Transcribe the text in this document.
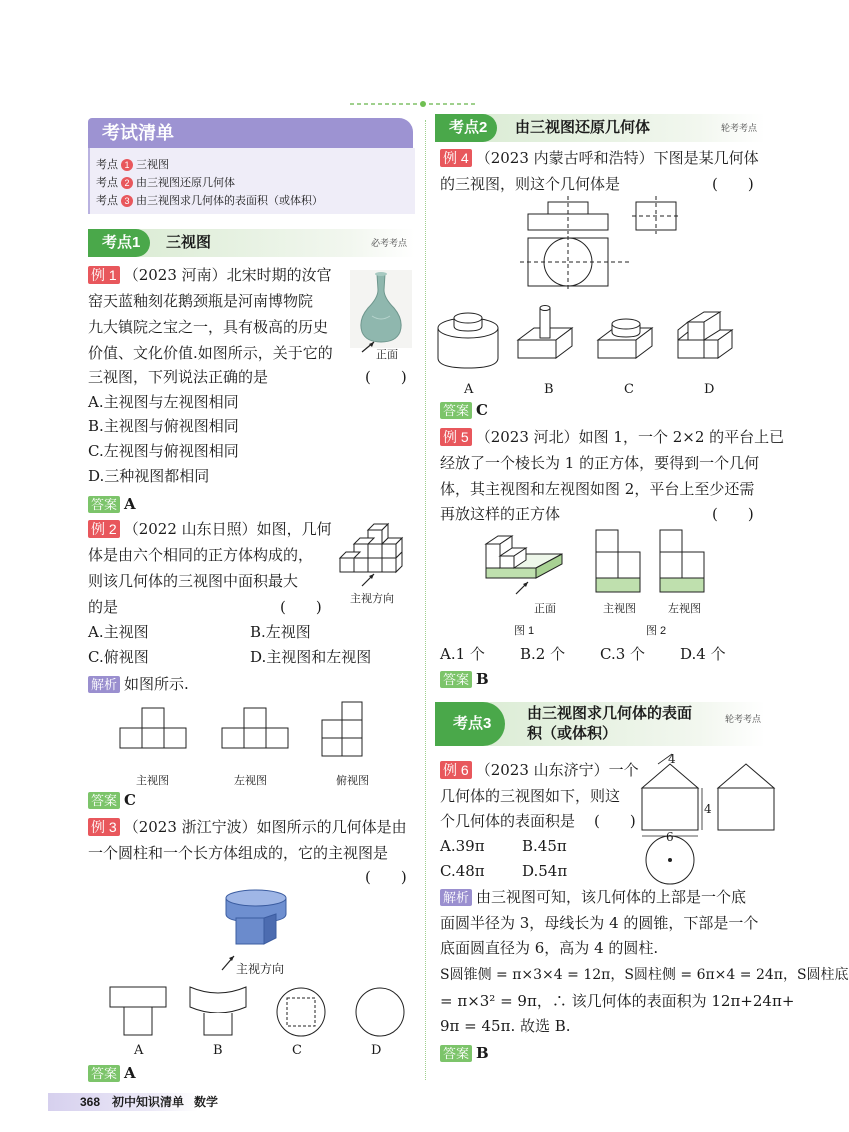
考试清单
考点 1 三视图
考点 2 由三视图还原几何体
考点 3 由三视图求几何体的表面积（或体积）
考点1	三视图	必考考点
例 1 （2023 河南）北宋时期的汝官
窑天蓝釉刻花鹅颈瓶是河南博物院
九大镇院之宝之一，具有极高的历史
价值、文化价值.如图所示，关于它的
三视图，下列说法正确的是	(　　)
正面
A.主视图与左视图相同
B.主视图与俯视图相同
C.左视图与俯视图相同
D.三种视图都相同
答案 A
例 2 （2022 山东日照）如图，几何
体是由六个相同的正方体构成的，
则该几何体的三视图中面积最大
的是	(　　)	主视方向
A.主视图	B.左视图
C.俯视图	D.主视图和左视图
解析 如图所示.
主视图	左视图	俯视图
答案 C
例 3 （2023 浙江宁波）如图所示的几何体是由
一个圆柱和一个长方体组成的，它的主视图是
(　　)
主视方向
A	B	C	D
答案 A
考点2	由三视图还原几何体	轮考考点
例 4 （2023 内蒙古呼和浩特）下图是某几何体
的三视图，则这个几何体是	(　　)
A	B	C	D
答案 C
例 5 （2023 河北）如图 1，一个 2×2 的平台上已
经放了一个棱长为 1 的正方体，要得到一个几何
体，其主视图和左视图如图 2，平台上至少还需
再放这样的正方体	(　　)
正面	主视图	左视图
图 1	图 2
A.1 个 B.2 个 C.3 个 D.4 个
答案 B
考点3
由三视图求几何体的表面
积（或体积）
轮考考点
例 6 （2023 山东济宁）一个
几何体的三视图如下，则这
个几何体的表面积是 (　　)
A.39π B.45π
C.48π D.54π
4
4
6
解析 由三视图可知，该几何体的上部是一个底
面圆半径为 3，母线长为 4 的圆锥，下部是一个
底面圆直径为 6，高为 4 的圆柱.
S圆锥侧 = π×3×4 = 12π，S圆柱侧 = 6π×4 = 24π，S圆柱底
= π×3² = 9π，∴ 该几何体的表面积为 12π+24π+
9π = 45π. 故选 B.
答案 B
368 初中知识清单 数学
